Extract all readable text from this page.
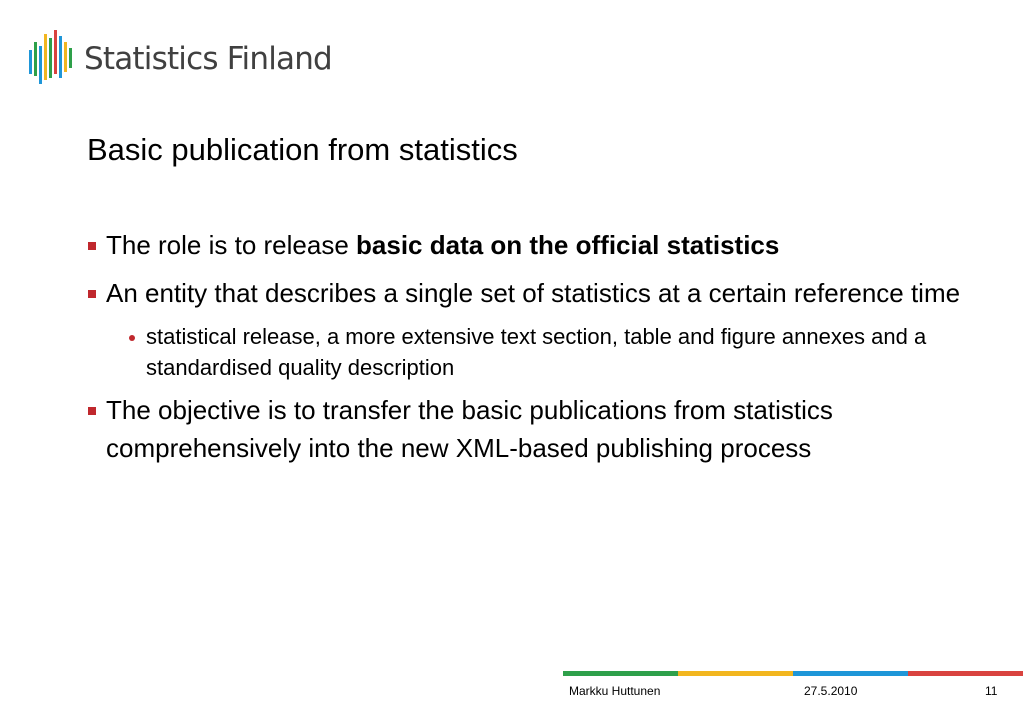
Statistics Finland
Basic publication from statistics
The role is to release basic data on the official statistics
An entity that describes a single set of statistics at a certain reference time
statistical release, a more extensive text section, table and figure annexes and a standardised quality description
The objective is to transfer the basic publications from statistics comprehensively into the new XML-based publishing process
Markku Huttunen	27.5.2010	11
